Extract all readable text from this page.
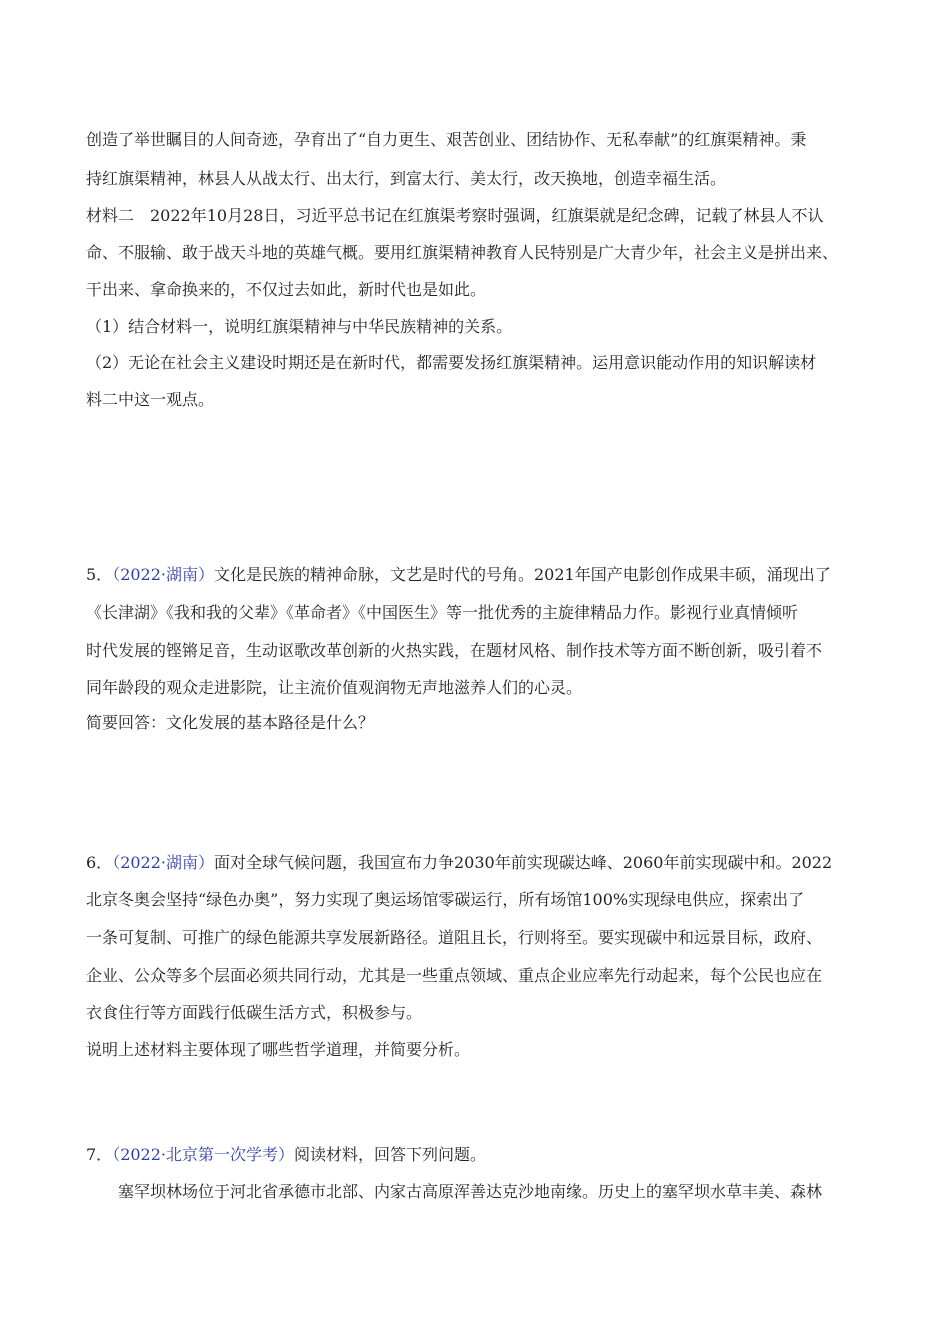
创造了举世瞩目的人间奇迹，孕育出了“自力更生、艰苦创业、团结协作、无私奉献”的红旗渠精神。秉
持红旗渠精神，林县人从战太行、出太行，到富太行、美太行，改天换地，创造幸福生活。
材料二　2022年10月28日，习近平总书记在红旗渠考察时强调，红旗渠就是纪念碑，记载了林县人不认
命、不服输、敢于战天斗地的英雄气概。要用红旗渠精神教育人民特别是广大青少年，社会主义是拼出来、
干出来、拿命换来的，不仅过去如此，新时代也是如此。
（1）结合材料一，说明红旗渠精神与中华民族精神的关系。
（2）无论在社会主义建设时期还是在新时代，都需要发扬红旗渠精神。运用意识能动作用的知识解读材
料二中这一观点。
5．（2022·湖南）文化是民族的精神命脉，文艺是时代的号角。2021年国产电影创作成果丰硕，涌现出了
《长津湖》《我和我的父辈》《革命者》《中国医生》等一批优秀的主旋律精品力作。影视行业真情倾听
时代发展的铿锵足音，生动讴歌改革创新的火热实践，在题材风格、制作技术等方面不断创新，吸引着不
同年龄段的观众走进影院，让主流价值观润物无声地滋养人们的心灵。
简要回答：文化发展的基本路径是什么？
6．（2022·湖南）面对全球气候问题，我国宣布力争2030年前实现碳达峰、2060年前实现碳中和。2022
北京冬奥会坚持“绿色办奥”，努力实现了奥运场馆零碳运行，所有场馆100%实现绿电供应，探索出了
一条可复制、可推广的绿色能源共享发展新路径。道阻且长，行则将至。要实现碳中和远景目标，政府、
企业、公众等多个层面必须共同行动，尤其是一些重点领域、重点企业应率先行动起来，每个公民也应在
衣食住行等方面践行低碳生活方式，积极参与。
说明上述材料主要体现了哪些哲学道理，并简要分析。
7．（2022·北京第一次学考）阅读材料，回答下列问题。
　　塞罕坝林场位于河北省承德市北部、内家古高原浑善达克沙地南缘。历史上的塞罕坝水草丰美、森林
